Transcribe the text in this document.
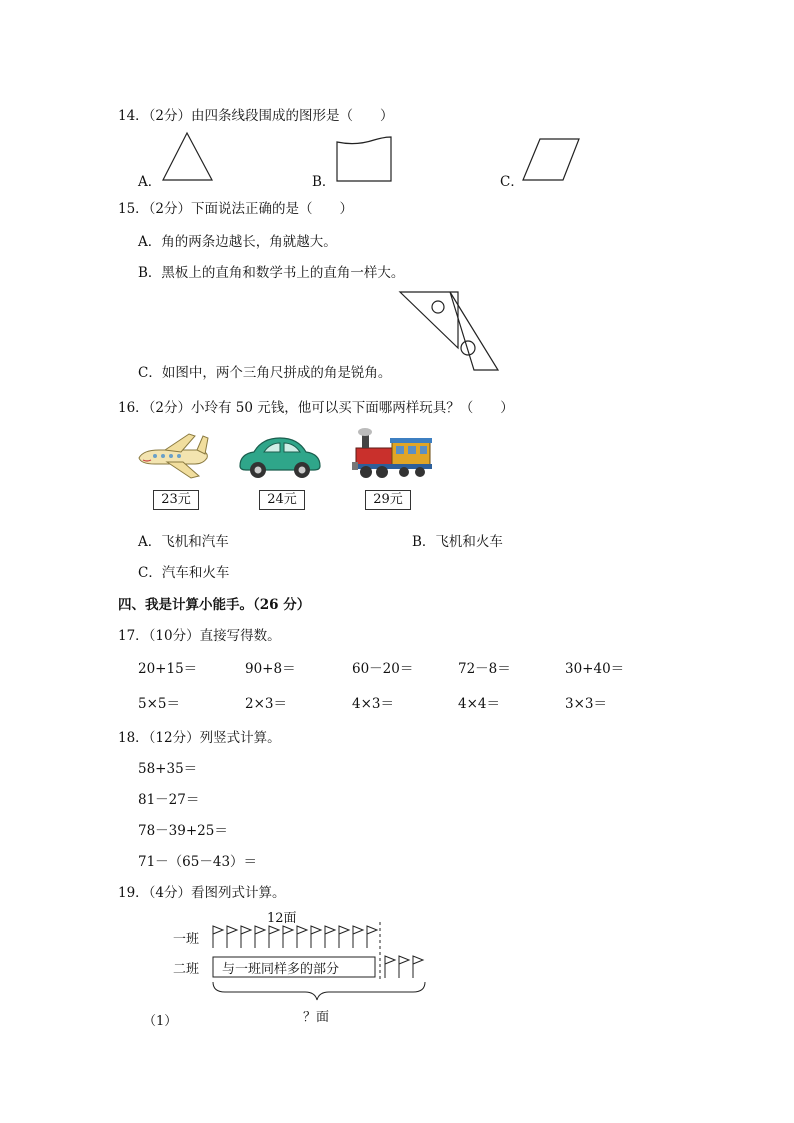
14．（2分）由四条线段围成的图形是（　　）
A．	B．	C．
15．（2分）下面说法正确的是（　　）
A．角的两条边越长，角就越大。
B．黑板上的直角和数学书上的直角一样大。
C．如图中，两个三角尺拼成的角是锐角。
16．（2分）小玲有 50 元钱，他可以买下面哪两样玩具？（　　）
23元	24元	29元
A．飞机和汽车	B．飞机和火车
C．汽车和火车
四、我是计算小能手。（26 分）
17．（10分）直接写得数。
20+15＝	90+8＝	60－20＝	72－8＝	30+40＝
5×5＝	2×3＝	4×3＝	4×4＝	3×3＝
18．（12分）列竖式计算。
58+35＝
81－27＝
78－39+25＝
71－（65－43）＝
19．（4分）看图列式计算。
12面
一班
二班 与一班同样多的部分
？面
（1）
